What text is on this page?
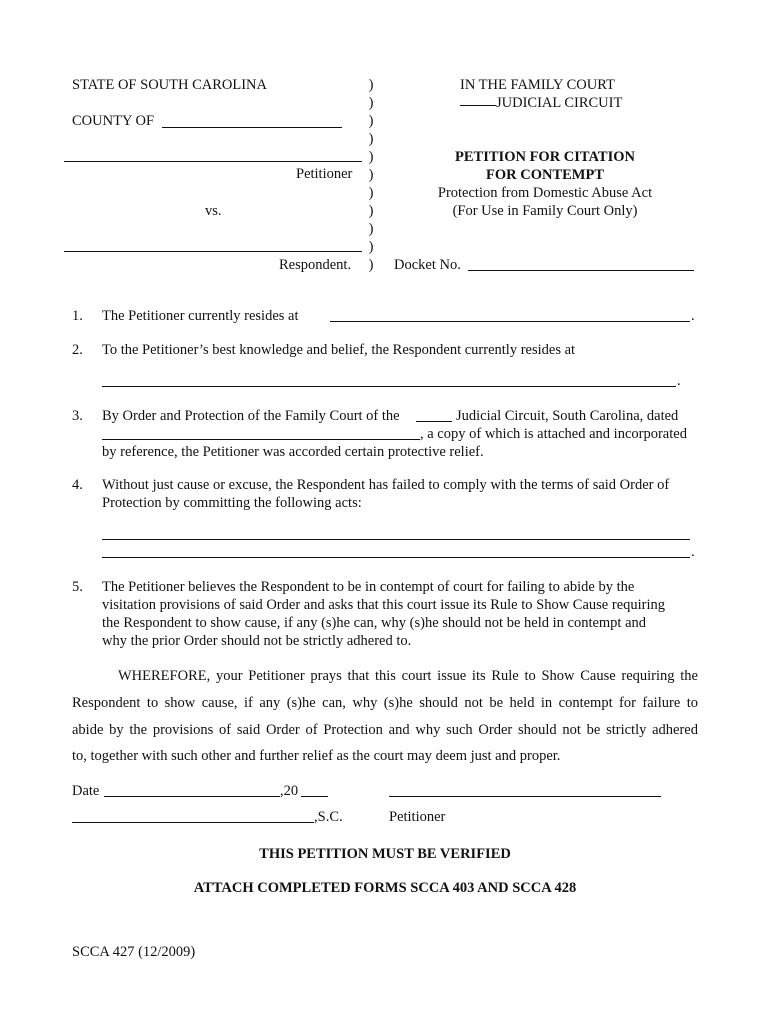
STATE OF SOUTH CAROLINA
COUNTY OF
Petitioner
vs.
Respondent.
)
)
)
)
)
)
)
)
)
)
)
IN THE FAMILY COURT
JUDICIAL CIRCUIT
PETITION FOR CITATION
FOR CONTEMPT
Protection from Domestic Abuse Act
(For Use in Family Court Only)
Docket No.
1. The Petitioner currently resides at	.
2. To the Petitioner’s best knowledge and belief, the Respondent currently resides at
.
3. By Order and Protection of the Family Court of the	Judicial Circuit, South Carolina, dated
, a copy of which is attached and incorporated
by reference, the Petitioner was accorded certain protective relief.
4. Without just cause or excuse, the Respondent has failed to comply with the terms of said Order of
Protection by committing the following acts:
.
5. The Petitioner believes the Respondent to be in contempt of court for failing to abide by the
visitation provisions of said Order and asks that this court issue its Rule to Show Cause requiring
the Respondent to show cause, if any (s)he can, why (s)he should not be held in contempt and
why the prior Order should not be strictly adhered to.
WHEREFORE, your Petitioner prays that this court issue its Rule to Show Cause requiring the
Respondent to show cause, if any (s)he can, why (s)he should not be held in contempt for failure to
abide by the provisions of said Order of Protection and why such Order should not be strictly adhered
to, together with such other and further relief as the court may deem just and proper.
Date	,20
,S.C.	Petitioner
THIS PETITION MUST BE VERIFIED
ATTACH COMPLETED FORMS SCCA 403 AND SCCA 428
SCCA 427 (12/2009)
